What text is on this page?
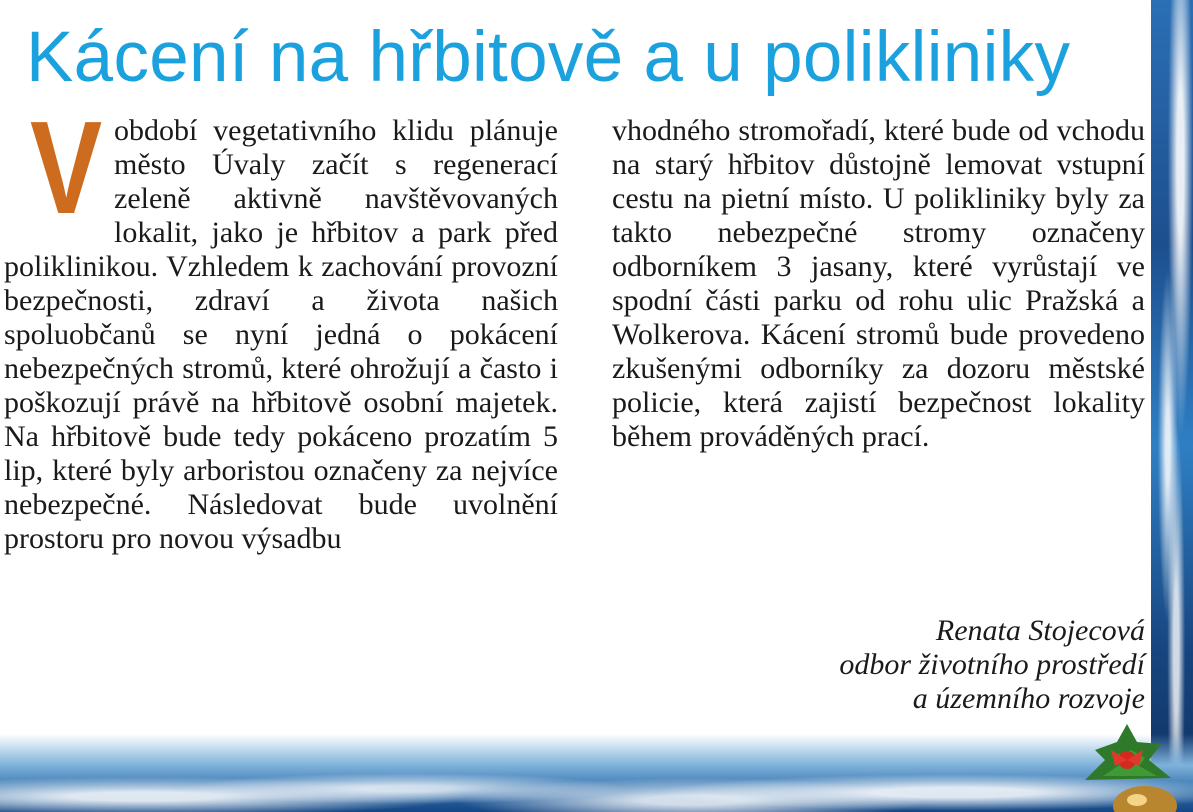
Kácení na hřbitově a u polikliniky
Vobdobí vegetativního klidu plánuje město Úvaly začít s regenerací zeleně aktivně navštěvovaných lokalit, jako je hřbitov a park před poliklinikou. Vzhledem k zachování provozní bezpečnosti, zdraví a života našich spoluobčanů se nyní jedná o pokácení nebezpečných stromů, které ohrožují a často i poškozují právě na hřbitově osobní majetek. Na hřbitově bude tedy pokáceno prozatím 5 lip, které byly arboristou označeny za nejvíce nebezpečné. Následovat bude uvolnění prostoru pro novou výsadbu
vhodného stromořadí, které bude od vchodu na starý hřbitov důstojně lemovat vstupní cestu na pietní místo. U polikliniky byly za takto nebezpečné stromy označeny odborníkem 3 jasany, které vyrůstají ve spodní části parku od rohu ulic Pražská a Wolkerova. Kácení stromů bude provedeno zkušenými odborníky za dozoru městské policie, která zajistí bezpečnost lokality během prováděných prací.
Renata Stojecová
odbor životního prostředí
a územního rozvoje
